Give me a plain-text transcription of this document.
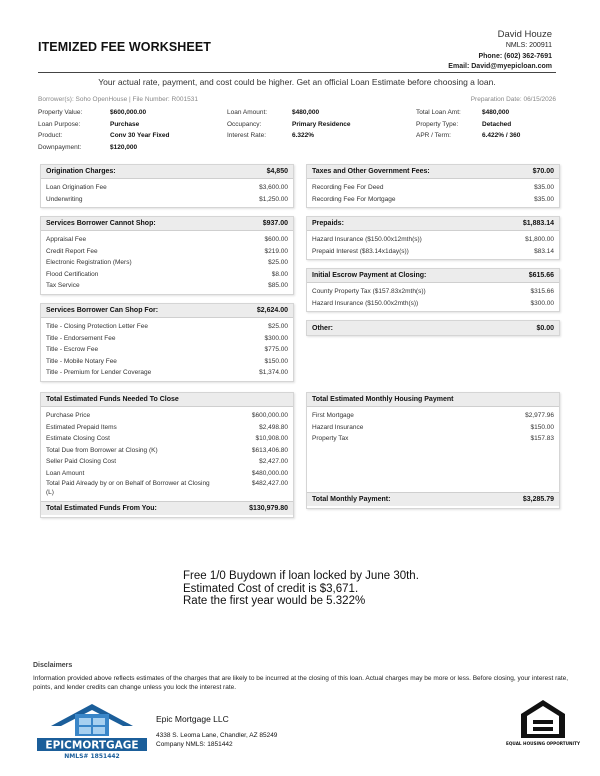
ITEMIZED FEE WORKSHEET
David Houze
NMLS: 200911
Phone: (602) 362-7691
Email: David@myepicloan.com
Your actual rate, payment, and cost could be higher. Get an official Loan Estimate before choosing a loan.
Borrower(s): Soho OpenHouse | File Number: R001531	Preparation Date: 06/15/2026
Property Value:	$600,000.00
Loan Purpose:	Purchase
Product:	Conv 30 Year Fixed
Downpayment:	$120,000
Loan Amount:	$480,000
Occupancy:	Primary Residence
Interest Rate:	6.322%
Total Loan Amt:	$480,000
Property Type:	Detached
APR / Term:	6.422% / 360
Origination Charges:	$4,850
Loan Origination Fee	$3,600.00
Underwriting	$1,250.00
Services Borrower Cannot Shop:	$937.00
Appraisal Fee	$600.00
Credit Report Fee	$219.00
Electronic Registration (Mers)	$25.00
Flood Certification	$8.00
Tax Service	$85.00
Services Borrower Can Shop For:	$2,624.00
Title - Closing Protection Letter Fee	$25.00
Title - Endorsement Fee	$300.00
Title - Escrow Fee	$775.00
Title - Mobile Notary Fee	$150.00
Title - Premium for Lender Coverage	$1,374.00
Taxes and Other Government Fees:	$70.00
Recording Fee For Deed	$35.00
Recording Fee For Mortgage	$35.00
Prepaids:	$1,883.14
Hazard Insurance ($150.00x12mth(s))	$1,800.00
Prepaid Interest ($83.14x1day(s))	$83.14
Initial Escrow Payment at Closing:	$615.66
County Property Tax ($157.83x2mth(s))	$315.66
Hazard Insurance ($150.00x2mth(s))	$300.00
Other:	$0.00
Total Estimated Funds Needed To Close
Purchase Price	$600,000.00
Estimated Prepaid Items	$2,498.80
Estimate Closing Cost	$10,908.00
Total Due from Borrower at Closing (K)	$613,406.80
Seller Paid Closing Cost	$2,427.00
Loan Amount	$480,000.00
Total Paid Already by or on Behalf of Borrower at Closing (L)
$482,427.00
Total Estimated Funds From You:	$130,979.80
Total Estimated Monthly Housing Payment
First Mortgage	$2,977.96
Hazard Insurance	$150.00
Property Tax	$157.83
Total Monthly Payment:	$3,285.79
Free 1/0 Buydown if loan locked by June 30th.
Estimated Cost of credit is $3,671.
Rate the first year would be 5.322%
Disclaimers
Information provided above reflects estimates of the charges that are likely to be incurred at the closing of this loan. Actual charges may be more or less. Before closing, your interest rate, points, and lender credits can change unless you lock the interest rate.
EPICMORTGAGE
NMLS# 1851442
Epic Mortgage LLC
4338 S. Leoma Lane, Chandler, AZ 85249
Company NMLS: 1851442	EQUAL HOUSING OPPORTUNITY
